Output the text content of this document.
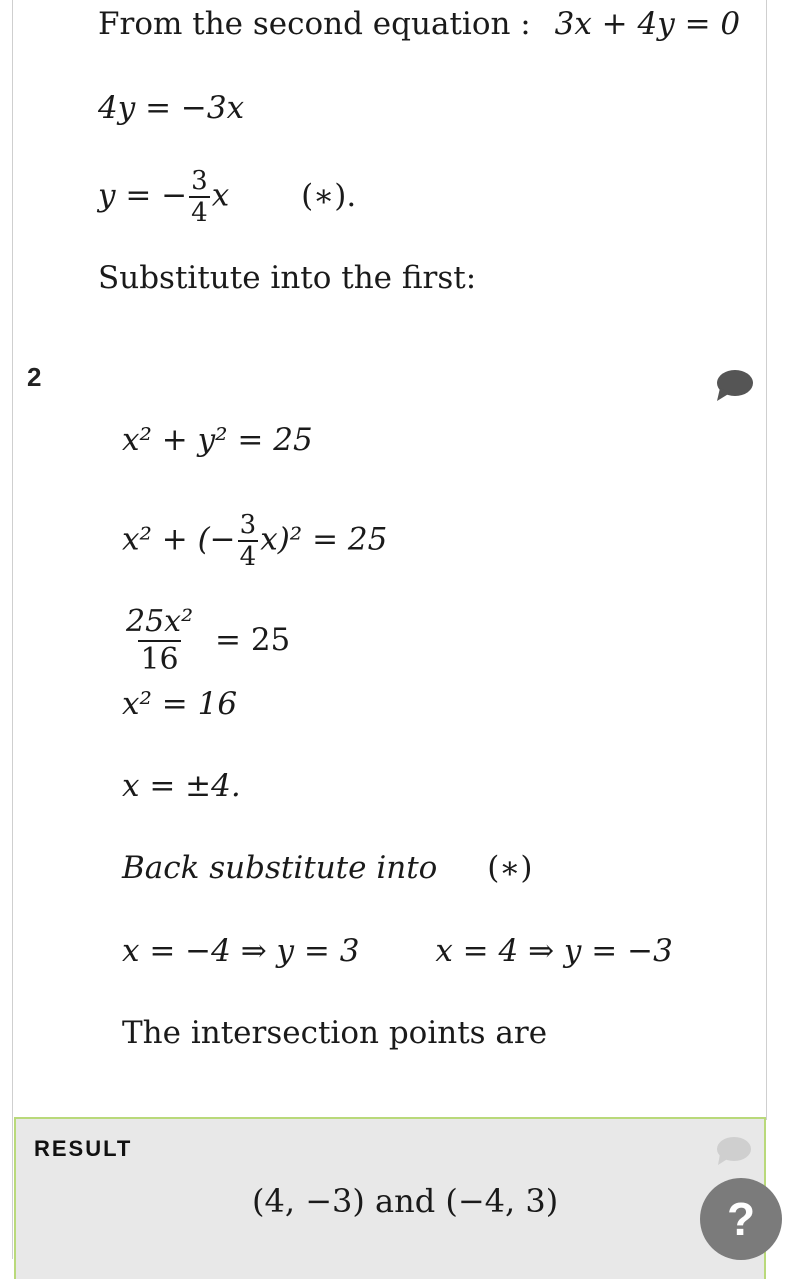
From the second equation : 3x + 4y = 0
4y = −3x
y = − $\frac{3}{4}$ x (∗).
Substitute into the first:
2
x² + y² = 25
x² + (− $\frac{3}{4} x)^2 = 25$
$\frac{\text{25x²}}{16} = 25$
x² = 16
x = ±4.
Back substitute into (∗)
x = −4 ⇒ y = 3 x = 4 ⇒ y = −3
The intersection points are
RESULT
(4, −3) and (−4, 3)	?
